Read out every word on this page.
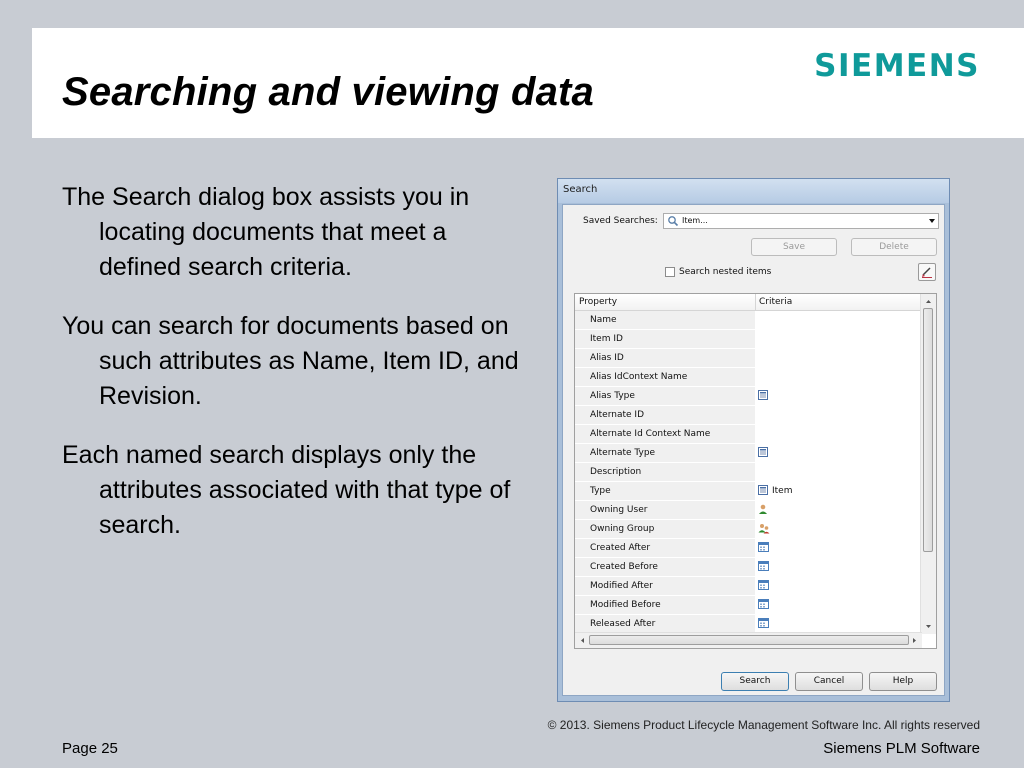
Searching and viewing data
SIEMENS

The Search dialog box assists you in locating documents that meet a defined search criteria.

You can search for documents based on such attributes as Name, Item ID, and Revision.

Each named search displays only the attributes associated with that type of search.

Search
Saved Searches:	Item...
Save	Delete
Search nested items
Property	Criteria
Name
Item ID
Alias ID
Alias IdContext Name
Alias Type
Alternate ID
Alternate Id Context Name
Alternate Type
Description
Type	Item
Owning User
Owning Group
Created After
Created Before
Modified After
Modified Before
Released After
Search	Cancel	Help
© 2013. Siemens Product Lifecycle Management Software Inc. All rights reserved
Page 25	Siemens PLM Software
